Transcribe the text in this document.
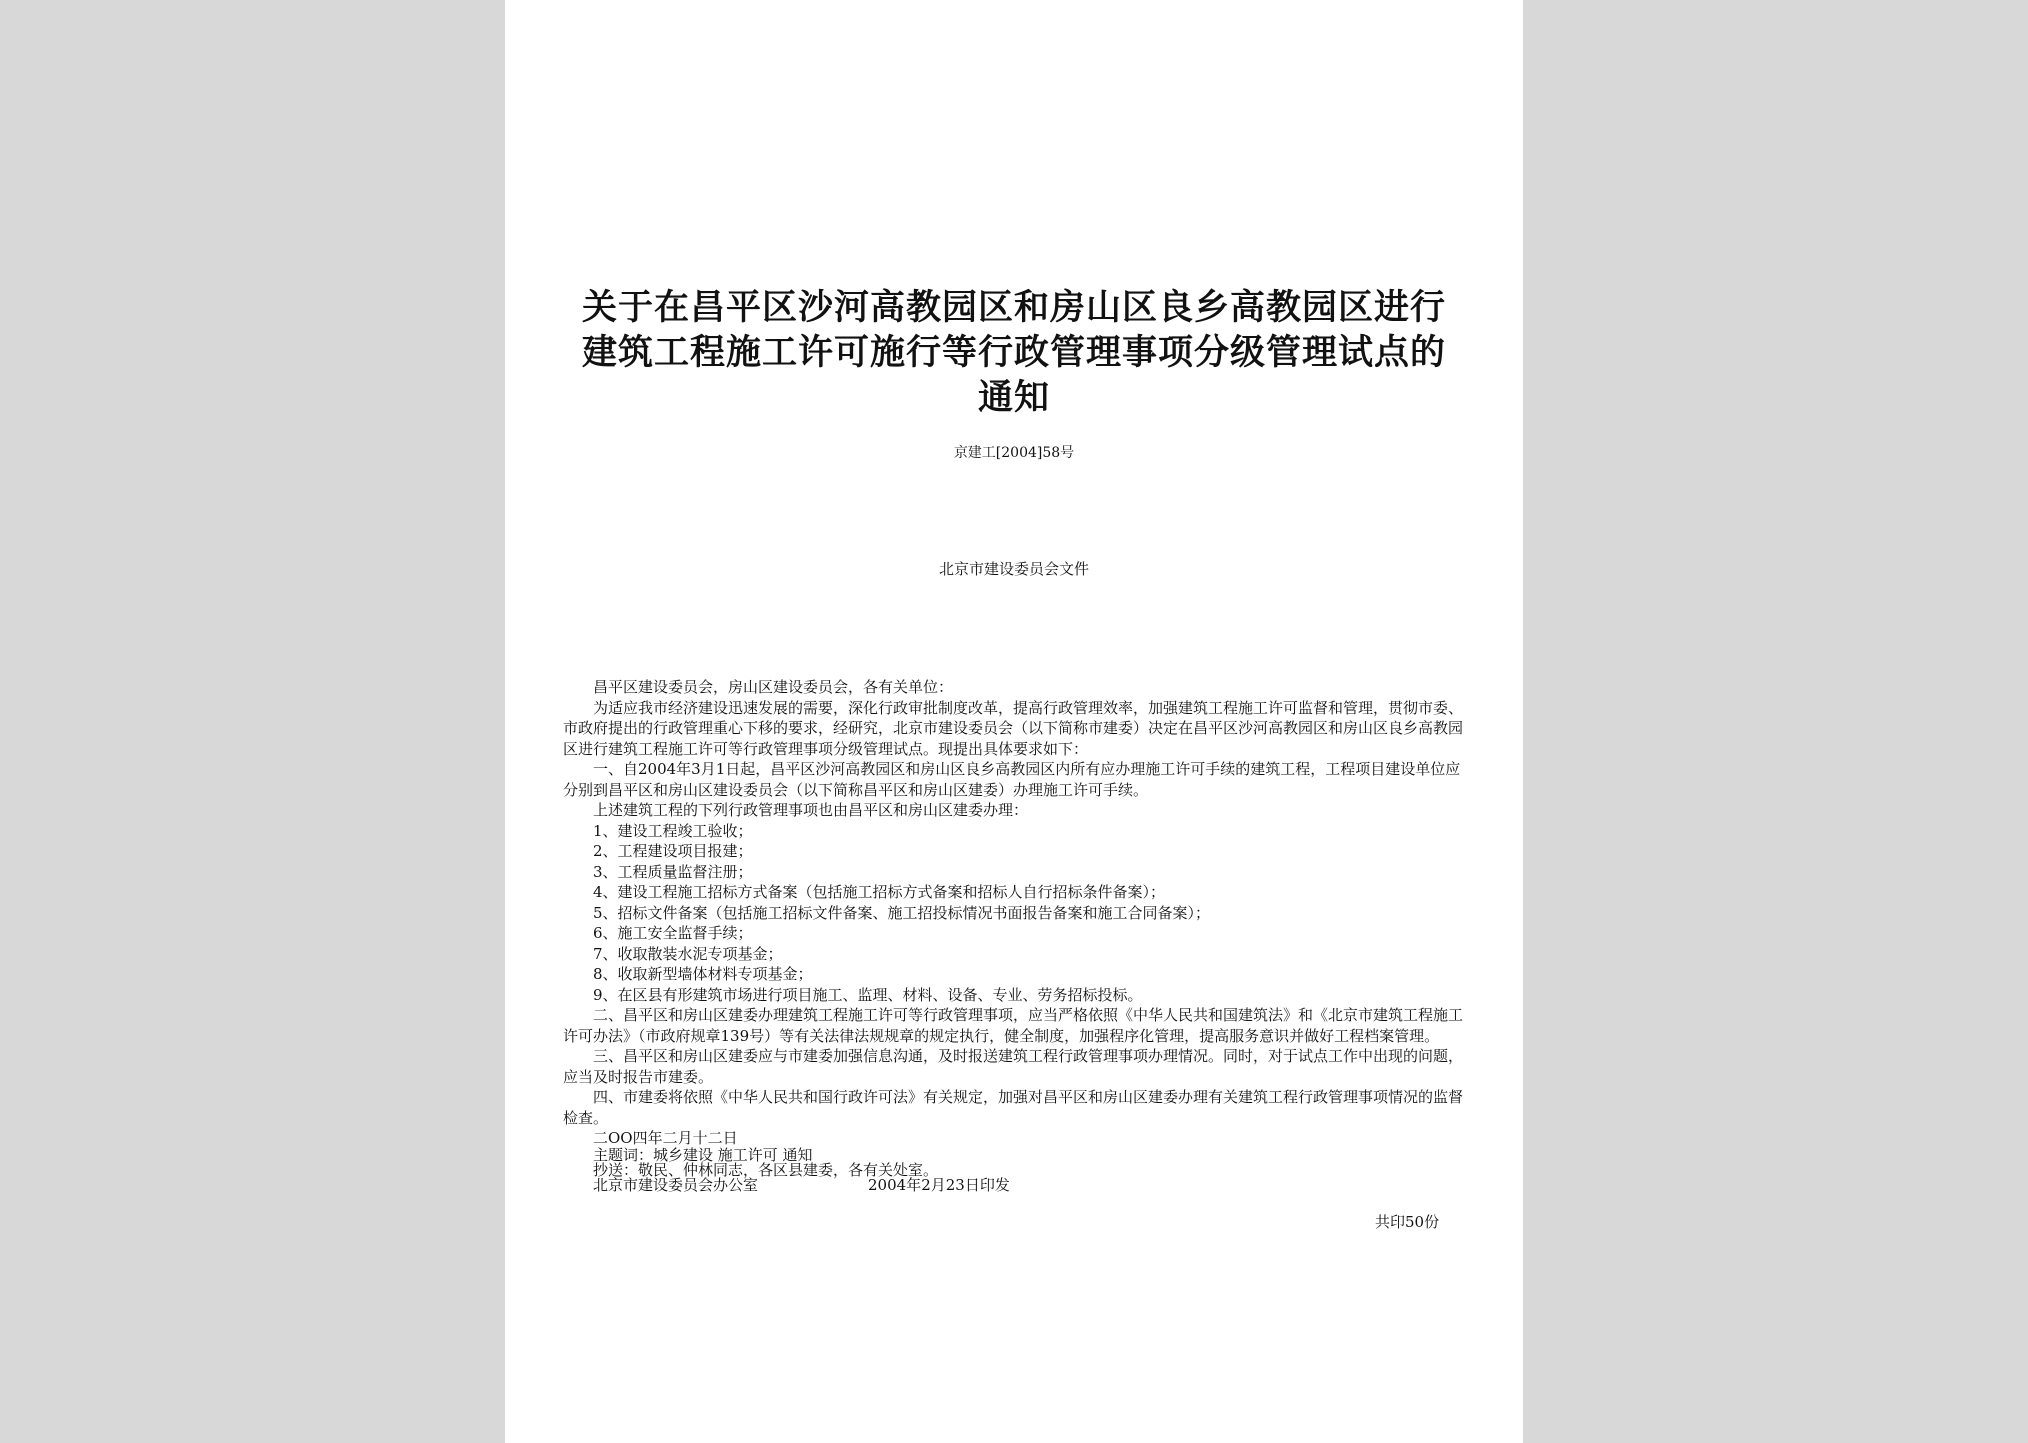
关于在昌平区沙河高教园区和房山区良乡高教园区进行
建筑工程施工许可施行等行政管理事项分级管理试点的
通知
京建工[2004]58号
北京市建设委员会文件

昌平区建设委员会，房山区建设委员会，各有关单位：

为适应我市经济建设迅速发展的需要，深化行政审批制度改革，提高行政管理效率，加强建筑工程施工许可监督和管理，贯彻市委、市政府提出的行政管理重心下移的要求，经研究，北京市建设委员会（以下简称市建委）决定在昌平区沙河高教园区和房山区良乡高教园区进行建筑工程施工许可等行政管理事项分级管理试点。现提出具体要求如下：

一、自2004年3月1日起，昌平区沙河高教园区和房山区良乡高教园区内所有应办理施工许可手续的建筑工程，工程项目建设单位应分别到昌平区和房山区建设委员会（以下简称昌平区和房山区建委）办理施工许可手续。

上述建筑工程的下列行政管理事项也由昌平区和房山区建委办理：

1、建设工程竣工验收；

2、工程建设项目报建；

3、工程质量监督注册；

4、建设工程施工招标方式备案（包括施工招标方式备案和招标人自行招标条件备案）；

5、招标文件备案（包括施工招标文件备案、施工招投标情况书面报告备案和施工合同备案）；

6、施工安全监督手续；

7、收取散装水泥专项基金；

8、收取新型墙体材料专项基金；

9、在区县有形建筑市场进行项目施工、监理、材料、设备、专业、劳务招标投标。

二、昌平区和房山区建委办理建筑工程施工许可等行政管理事项，应当严格依照《中华人民共和国建筑法》和《北京市建筑工程施工许可办法》（市政府规章139号）等有关法律法规规章的规定执行，健全制度，加强程序化管理，提高服务意识并做好工程档案管理。

三、昌平区和房山区建委应与市建委加强信息沟通，及时报送建筑工程行政管理事项办理情况。同时，对于试点工作中出现的问题，应当及时报告市建委。

四、市建委将依照《中华人民共和国行政许可法》有关规定，加强对昌平区和房山区建委办理有关建筑工程行政管理事项情况的监督检查。

二OO四年二月十二日
主题词：城乡建设 施工许可 通知
抄送：敬民、仲林同志，各区县建委，各有关处室。
北京市建设委员会办公室	2004年2月23日印发
共印50份
